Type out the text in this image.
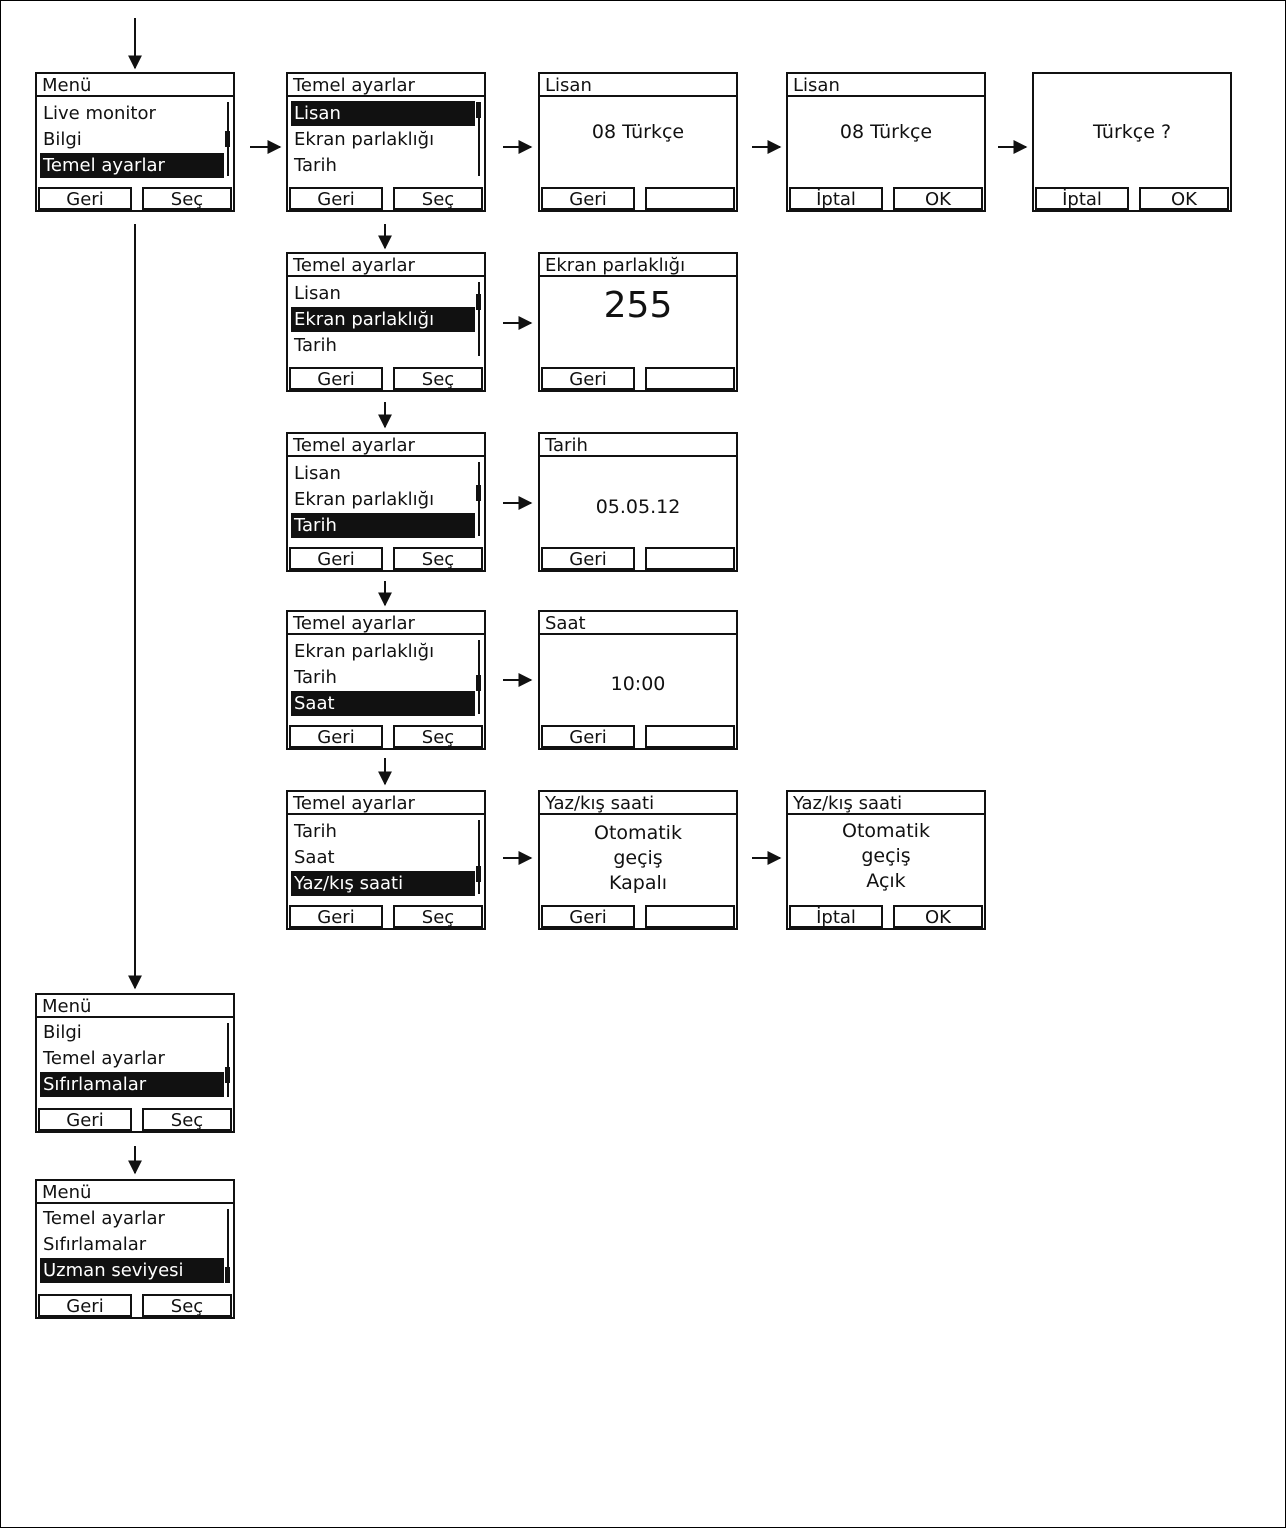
Menü
Live monitor
Bilgi
Temel ayarlar
Geri	Seç
Temel ayarlar
Lisan
Ekran parlaklığı
Tarih
Geri	Seç
Temel ayarlar
Lisan
Ekran parlaklığı
Tarih
Geri	Seç
Temel ayarlar
Lisan
Ekran parlaklığı
Tarih
Geri	Seç
Temel ayarlar
Ekran parlaklığı
Tarih
Saat
Geri	Seç
Temel ayarlar
Tarih
Saat
Yaz/kış saati
Geri	Seç
Menü
Bilgi
Temel ayarlar
Sıfırlamalar
Geri	Seç
Menü
Temel ayarlar
Sıfırlamalar
Uzman seviyesi
Geri	Seç
Lisan
08 Türkçe
Geri
Lisan
08 Türkçe
İptal	OK
Türkçe ?
İptal	OK
Ekran parlaklığı
255
Geri
Tarih
05.05.12
Geri
Saat
10:00
Geri
Yaz/kış saati
Otomatik
geçiş
Kapalı
Geri
Yaz/kış saati
Otomatik
geçiş
Açık
İptal	OK
